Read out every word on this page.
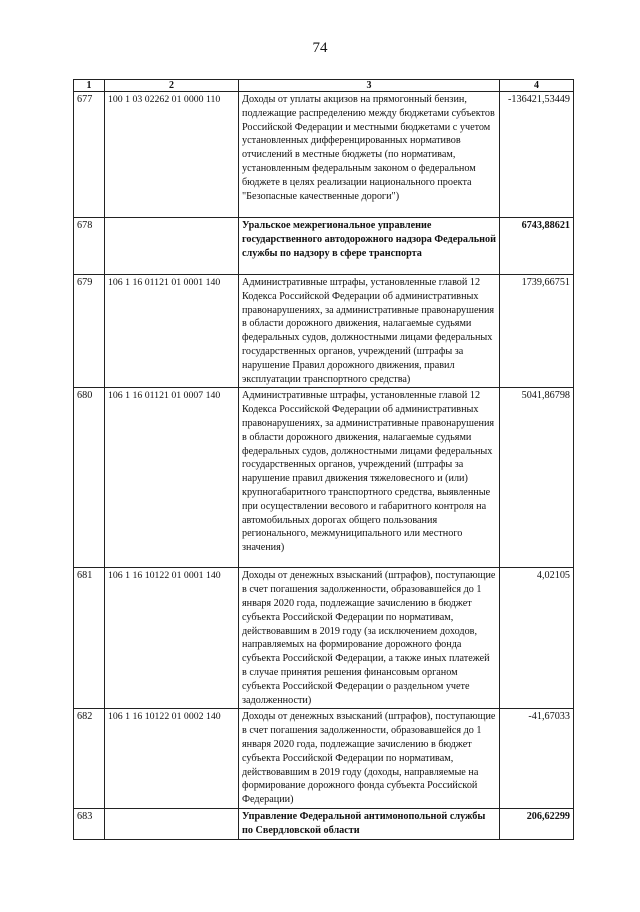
74
1	2	3	4
677	100 1 03 02262 01 0000 110	Доходы от уплаты акцизов на прямогонный бензин, подлежащие распределению между бюджетами субъектов Российской Федерации и местными бюджетами с учетом установленных дифференцированных нормативов отчислений в местные бюджеты (по нормативам, установленным федеральным законом о федеральном бюджете в целях реализации национального проекта "Безопасные качественные дороги")	-136421,53449
678		Уральское межрегиональное управление государственного автодорожного надзора Федеральной службы по надзору в сфере транспорта	6743,88621
679	106 1 16 01121 01 0001 140	Административные штрафы, установленные главой 12 Кодекса Российской Федерации об административных правонарушениях, за административные правонарушения в области дорожного движения, налагаемые судьями федеральных судов, должностными лицами федеральных государственных органов, учреждений (штрафы за нарушение Правил дорожного движения, правил эксплуатации транспортного средства)	1739,66751
680	106 1 16 01121 01 0007 140	Административные штрафы, установленные главой 12 Кодекса Российской Федерации об административных правонарушениях, за административные правонарушения в области дорожного движения, налагаемые судьями федеральных судов, должностными лицами федеральных государственных органов, учреждений (штрафы за нарушение правил движения тяжеловесного и (или) крупногабаритного транспортного средства, выявленные при осуществлении весового и габаритного контроля на автомобильных дорогах общего пользования регионального, межмуниципального или местного значения)	5041,86798
681	106 1 16 10122 01 0001 140	Доходы от денежных взысканий (штрафов), поступающие в счет погашения задолженности, образовавшейся до 1 января 2020 года, подлежащие зачислению в бюджет субъекта Российской Федерации по нормативам, действовавшим в 2019 году (за исключением доходов, направляемых на формирование дорожного фонда субъекта Российской Федерации, а также иных платежей в случае принятия решения финансовым органом субъекта Российской Федерации о раздельном учете задолженности)	4,02105
682	106 1 16 10122 01 0002 140	Доходы от денежных взысканий (штрафов), поступающие в счет погашения задолженности, образовавшейся до 1 января 2020 года, подлежащие зачислению в бюджет субъекта Российской Федерации по нормативам, действовавшим в 2019 году (доходы, направляемые на формирование дорожного фонда субъекта Российской Федерации)	-41,67033
683		Управление Федеральной антимонопольной службы по Свердловской области	206,62299
